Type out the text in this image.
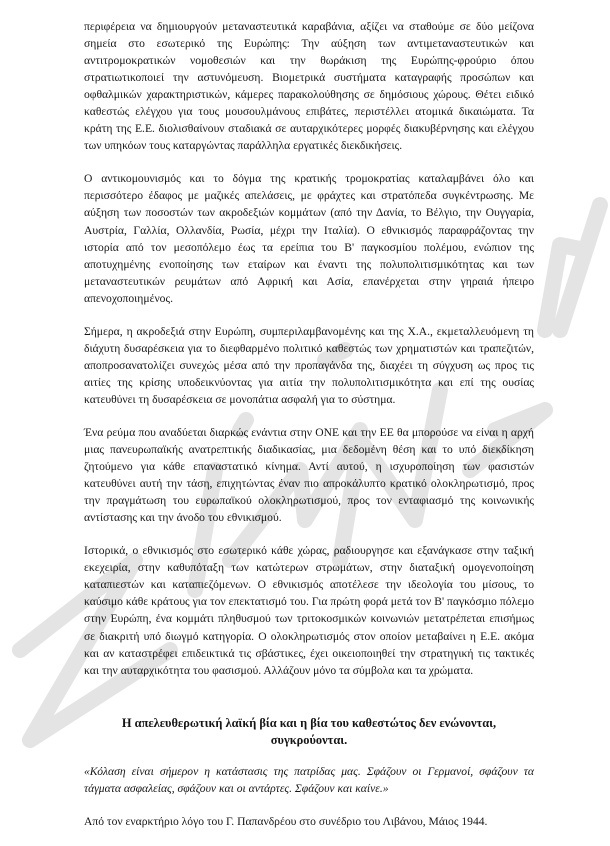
περιφέρεια να δημιουργούν μεταναστευτικά καραβάνια, αξίζει να σταθούμε σε δύο μείζονα σημεία στο εσωτερικό της Ευρώπης: Την αύξηση των αντιμεταναστευτικών και αντιτρομοκρατικών νομοθεσιών και την θωράκιση της Ευρώπης-φρούριο όπου στρατιωτικοποιεί την αστυνόμευση. Βιομετρικά συστήματα καταγραφής προσώπων και οφθαλμικών χαρακτηριστικών, κάμερες παρακολούθησης σε δημόσιους χώρους. Θέτει ειδικό καθεστώς ελέγχου για τους μουσουλμάνους επιβάτες, περιστέλλει ατομικά δικαιώματα. Τα κράτη της Ε.Ε. διολισθαίνουν σταδιακά σε αυταρχικότερες μορφές διακυβέρνησης και ελέγχου των υπηκόων τους καταργώντας παράλληλα εργατικές διεκδικήσεις.

Ο αντικομουνισμός και το δόγμα της κρατικής τρομοκρατίας καταλαμβάνει όλο και περισσότερο έδαφος με μαζικές απελάσεις, με φράχτες και στρατόπεδα συγκέντρωσης. Με αύξηση των ποσοστών των ακροδεξιών κομμάτων (από την Δανία, το Βέλγιο, την Ουγγαρία, Αυστρία, Γαλλία, Ολλανδία, Ρωσία, μέχρι την Ιταλία). Ο εθνικισμός παραφράζοντας την ιστορία από τον μεσοπόλεμο έως τα ερείπια του Β' παγκοσμίου πολέμου, ενώπιον της αποτυχημένης ενοποίησης των εταίρων και έναντι της πολυπολιτισμικότητας και των μεταναστευτικών ρευμάτων από Αφρική και Ασία, επανέρχεται στην γηραιά ήπειρο απενοχοποιημένος.

Σήμερα, η ακροδεξιά στην Ευρώπη, συμπεριλαμβανομένης και της Χ.Α., εκμεταλλευόμενη τη διάχυτη δυσαρέσκεια για το διεφθαρμένο πολιτικό καθεστώς των χρηματιστών και τραπεζιτών, αποπροσανατολίζει συνεχώς μέσα από την προπαγάνδα της, διαχέει τη σύγχυση ως προς τις αιτίες της κρίσης υποδεικνύοντας για αιτία την πολυπολιτισμικότητα και επί της ουσίας κατευθύνει τη δυσαρέσκεια σε μονοπάτια ασφαλή για το σύστημα.

Ένα ρεύμα που αναδύεται διαρκώς ενάντια στην ΟΝΕ και την ΕΕ θα μπορούσε να είναι η αρχή μιας πανευρωπαϊκής ανατρεπτικής διαδικασίας, μια δεδομένη θέση και το υπό διεκδίκηση ζητούμενο για κάθε επαναστατικό κίνημα. Αντί αυτού, η ισχυροποίηση των φασιστών κατευθύνει αυτή την τάση, επιχητώντας έναν πιο απροκάλυπτο κρατικό ολοκληρωτισμό, προς την πραγμάτωση του ευρωπαϊκού ολοκληρωτισμού, προς τον ενταφιασμό της κοινωνικής αντίστασης και την άνοδο του εθνικισμού.

Ιστορικά, ο εθνικισμός στο εσωτερικό κάθε χώρας, ραδιουργησε και εξανάγκασε στην ταξική εκεχειρία, στην καθυπόταξη των κατώτερων στρωμάτων, στην διαταξική ομογενοποίηση καταπιεστών και καταπιεζόμενων. Ο εθνικισμός αποτέλεσε την ιδεολογία του μίσους, το καύσιμο κάθε κράτους για τον επεκτατισμό του. Για πρώτη φορά μετά τον Β' παγκόσμιο πόλεμο στην Ευρώπη, ένα κομμάτι πληθυσμού των τριτοκοσμικών κοινωνιών μετατρέπεται επισήμως σε διακριτή υπό διωγμό κατηγορία. Ο ολοκληρωτισμός στον οποίον μεταβαίνει η Ε.Ε. ακόμα και αν καταστρέφει επιδεικτικά τις σβάστικες, έχει οικειοποιηθεί την στρατηγική τις τακτικές και την αυταρχικότητα του φασισμού. Αλλάζουν μόνο τα σύμβολα και τα χρώματα.

Η απελευθερωτική λαϊκή βία και η βία του καθεστώτος δεν ενώνονται,
συγκρούονται.

«Κόλαση είναι σήμερον η κατάστασις της πατρίδας μας. Σφάζουν οι Γερμανοί, σφάζουν τα τάγματα ασφαλείας, σφάζουν και οι αντάρτες. Σφάζουν και καίνε.»

Από τον εναρκτήριο λόγο του Γ. Παπανδρέου στο συνέδριο του Λιβάνου, Μάιος 1944.
